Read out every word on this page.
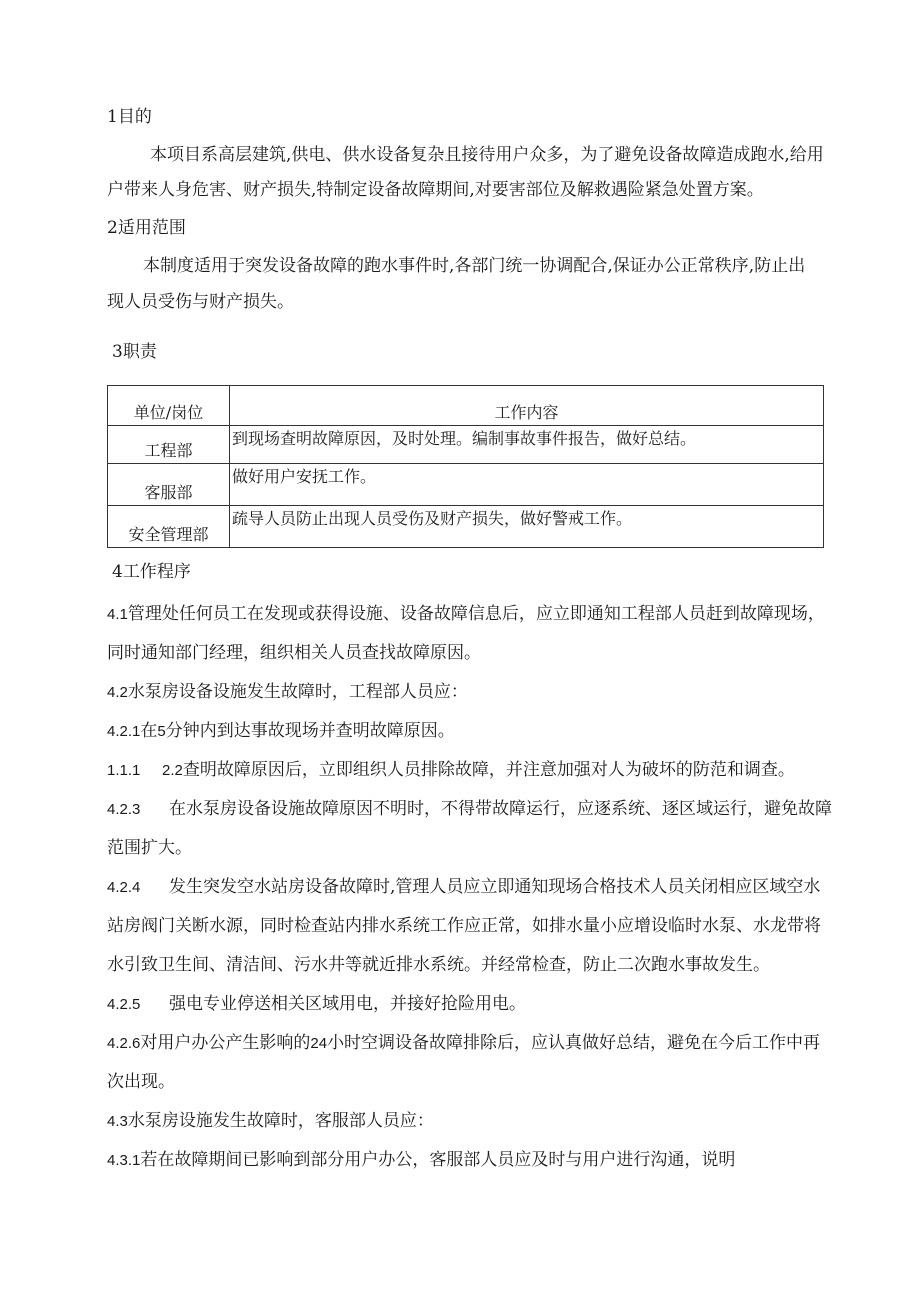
1目的
本项目系高层建筑,供电、供水设备复杂且接待用户众多，为了避免设备故障造成跑水,给用
户带来人身危害、财产损失,特制定设备故障期间,对要害部位及解救遇险紧急处置方案。
2适用范围
本制度适用于突发设备故障的跑水事件时,各部门统一协调配合,保证办公正常秩序,防止出
现人员受伤与财产损失。
3职责
单位/岗位	工作内容
工程部	到现场查明故障原因，及时处理。编制事故事件报告，做好总结。
客服部	做好用户安抚工作。
安全管理部	疏导人员防止出现人员受伤及财产损失，做好警戒工作。
4工作程序
4.1管理处任何员工在发现或获得设施、设备故障信息后，应立即通知工程部人员赶到故障现场，
同时通知部门经理，组织相关人员查找故障原因。
4.2水泵房设备设施发生故障时，工程部人员应：
4.2.1在5分钟内到达事故现场并查明故障原因。
1.1.1 2.2查明故障原因后，立即组织人员排除故障，并注意加强对人为破坏的防范和调查。
4.2.3 在水泵房设备设施故障原因不明时，不得带故障运行，应逐系统、逐区域运行，避免故障
范围扩大。
4.2.4 发生突发空水站房设备故障时,管理人员应立即通知现场合格技术人员关闭相应区域空水
站房阀门关断水源，同时检查站内排水系统工作应正常，如排水量小应增设临时水泵、水龙带将
水引致卫生间、清洁间、污水井等就近排水系统。并经常检查，防止二次跑水事故发生。
4.2.5 强电专业停送相关区域用电，并接好抢险用电。
4.2.6对用户办公产生影响的24小时空调设备故障排除后，应认真做好总结，避免在今后工作中再
次出现。
4.3水泵房设施发生故障时，客服部人员应：
4.3.1若在故障期间已影响到部分用户办公，客服部人员应及时与用户进行沟通，说明
